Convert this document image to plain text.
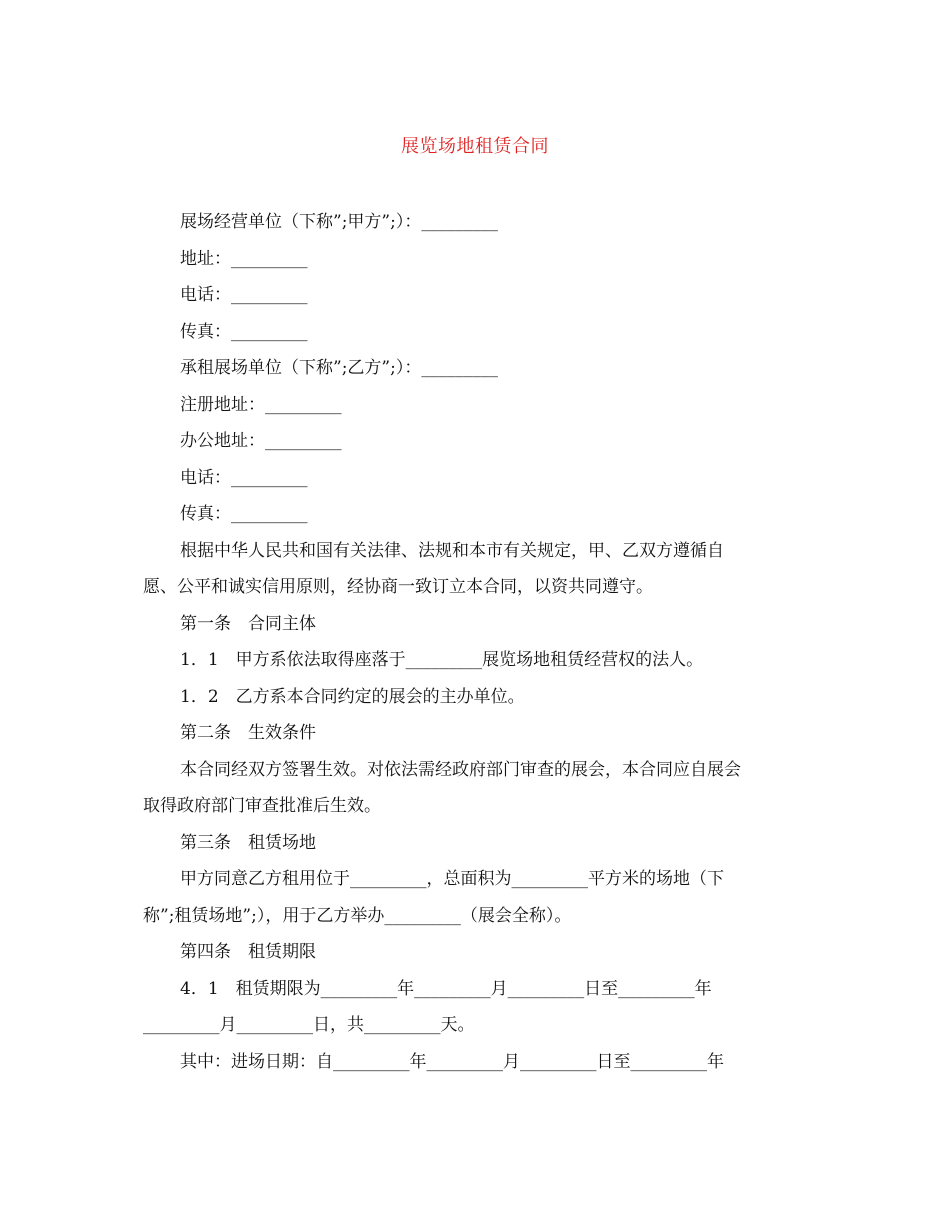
展览场地租赁合同
展场经营单位（下称”;甲方”;）：_________
地址：_________
电话：_________
传真：_________
承租展场单位（下称”;乙方”;）：_________
注册地址：_________
办公地址：_________
电话：_________
传真：_________
根据中华人民共和国有关法律、法规和本市有关规定，甲、乙双方遵循自
愿、公平和诚实信用原则，经协商一致订立本合同，以资共同遵守。
第一条　合同主体
1．1　甲方系依法取得座落于_________展览场地租赁经营权的法人。
1．2　乙方系本合同约定的展会的主办单位。
第二条　生效条件
本合同经双方签署生效。对依法需经政府部门审查的展会，本合同应自展会
取得政府部门审查批准后生效。
第三条　租赁场地
甲方同意乙方租用位于_________，总面积为_________平方米的场地（下
称”;租赁场地”;），用于乙方举办_________（展会全称）。
第四条　租赁期限
4．1　租赁期限为_________年_________月_________日至_________年
_________月_________日，共_________天。
其中：进场日期：自_________年_________月_________日至_________年
